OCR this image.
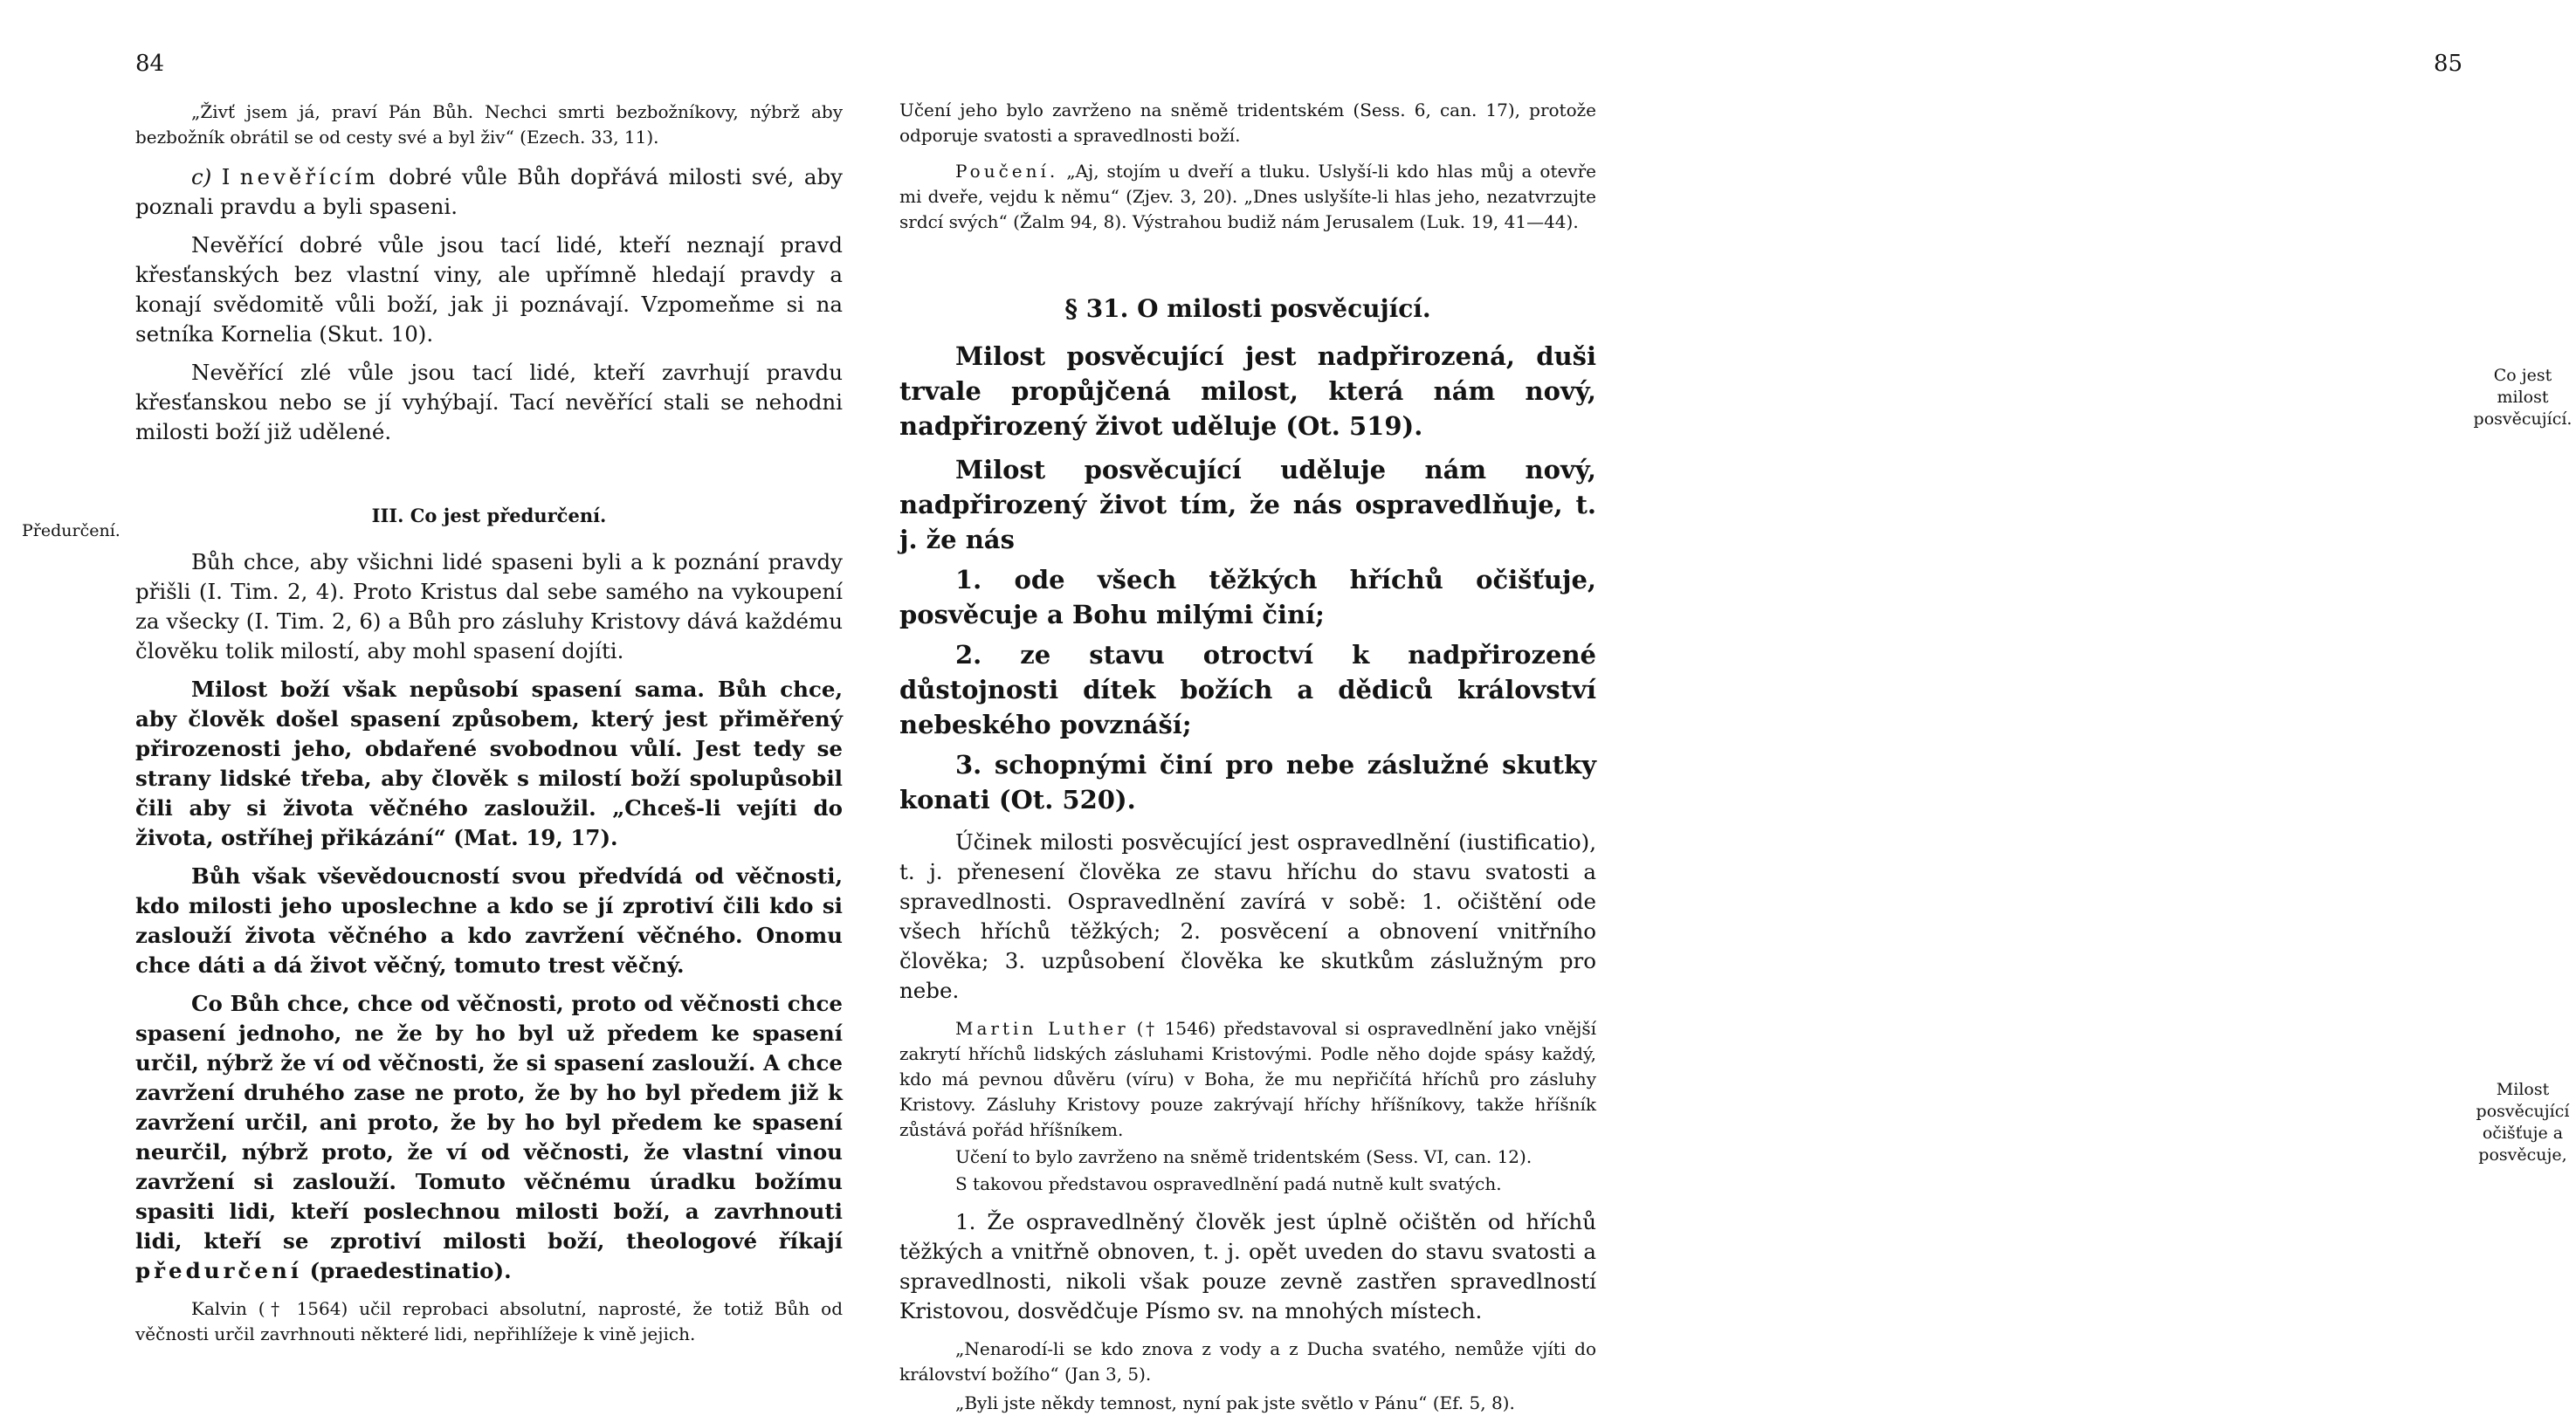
84
Předurčení.

„Živť jsem já, praví Pán Bůh. Nechci smrti bezbožníkovy, nýbrž aby bezbožník obrátil se od cesty své a byl živ“ (Ezech. 33, 11).

c) I nevěřícím dobré vůle Bůh dopřává milosti své, aby poznali pravdu a byli spaseni.

Nevěřící dobré vůle jsou tací lidé, kteří neznají pravd křesťanských bez vlastní viny, ale upřímně hledají pravdy a konají svědomitě vůli boží, jak ji poznávají. Vzpomeňme si na setníka Kornelia (Skut. 10).

Nevěřící zlé vůle jsou tací lidé, kteří zavrhují pravdu křesťanskou nebo se jí vyhýbají. Tací nevěřící stali se nehodni milosti boží již udělené.

III. Co jest předurčení.

Bůh chce, aby všichni lidé spaseni byli a k poznání pravdy přišli (I. Tim. 2, 4). Proto Kristus dal sebe samého na vykoupení za všecky (I. Tim. 2, 6) a Bůh pro zásluhy Kristovy dává každému člověku tolik milostí, aby mohl spasení dojíti.

Milost boží však nepůsobí spasení sama. Bůh chce, aby člověk došel spasení způsobem, který jest přiměřený přirozenosti jeho, obdařené svobodnou vůlí. Jest tedy se strany lidské třeba, aby člověk s milostí boží spolupůsobil čili aby si života věčného zasloužil. „Chceš-li vejíti do života, ostříhej přikázání“ (Mat. 19, 17).

Bůh však vševědoucností svou předvídá od věčnosti, kdo milosti jeho uposlechne a kdo se jí zprotiví čili kdo si zaslouží života věčného a kdo zavržení věčného. Onomu chce dáti a dá život věčný, tomuto trest věčný.

Co Bůh chce, chce od věčnosti, proto od věčnosti chce spasení jednoho, ne že by ho byl už předem ke spasení určil, nýbrž že ví od věčnosti, že si spasení zaslouží. A chce zavržení druhého zase ne proto, že by ho byl předem již k zavržení určil, ani proto, že by ho byl předem ke spasení neurčil, nýbrž proto, že ví od věčnosti, že vlastní vinou zavržení si zaslouží. Tomuto věčnému úradku božímu spasiti lidi, kteří poslechnou milosti boží, a zavrhnouti lidi, kteří se zprotiví milosti boží, theologové říkají předurčení (praedestinatio).

Kalvin († 1564) učil reprobaci absolutní, naprosté, že totiž Bůh od věčnosti určil zavrhnouti některé lidi, nepřihlížeje k vině jejich.

85
Co jest milost posvěcující.
Milost posvěcující očišťuje a posvěcuje,

Učení jeho bylo zavrženo na sněmě tridentském (Sess. 6, can. 17), protože odporuje svatosti a spravedlnosti boží.

Poučení. „Aj, stojím u dveří a tluku. Uslyší-li kdo hlas můj a otevře mi dveře, vejdu k němu“ (Zjev. 3, 20). „Dnes uslyšíte-li hlas jeho, nezatvrzujte srdcí svých“ (Žalm 94, 8). Výstrahou budiž nám Jerusalem (Luk. 19, 41—44).

§ 31. O milosti posvěcující.

Milost posvěcující jest nadpřirozená, duši trvale propůjčená milost, která nám nový, nadpřirozený život uděluje (Ot. 519).

Milost posvěcující uděluje nám nový, nadpřirozený život tím, že nás ospravedlňuje, t. j. že nás

1. ode všech těžkých hříchů očišťuje, posvěcuje a Bohu milými činí;

2. ze stavu otroctví k nadpřirozené důstojnosti dítek božích a dědiců království nebeského povznáší;

3. schopnými činí pro nebe záslužné skutky konati (Ot. 520).

Účinek milosti posvěcující jest ospravedlnění (iustificatio), t. j. přenesení člověka ze stavu hříchu do stavu svatosti a spravedlnosti. Ospravedlnění zavírá v sobě: 1. očištění ode všech hříchů těžkých; 2. posvěcení a obnovení vnitřního člověka; 3. uzpůsobení člověka ke skutkům záslužným pro nebe.

Martin Luther († 1546) představoval si ospravedlnění jako vnější zakrytí hříchů lidských zásluhami Kristovými. Podle něho dojde spásy každý, kdo má pevnou důvěru (víru) v Boha, že mu nepřičítá hříchů pro zásluhy Kristovy. Zásluhy Kristovy pouze zakrývají hříchy hříšníkovy, takže hříšník zůstává pořád hříšníkem.

Učení to bylo zavrženo na sněmě tridentském (Sess. VI, can. 12).

S takovou představou ospravedlnění padá nutně kult svatých.

1. Že ospravedlněný člověk jest úplně očištěn od hříchů těžkých a vnitřně obnoven, t. j. opět uveden do stavu svatosti a spravedlnosti, nikoli však pouze zevně zastřen spravedlností Kristovou, dosvědčuje Písmo sv. na mnohých místech.

„Nenarodí-li se kdo znova z vody a z Ducha svatého, nemůže vjíti do království božího“ (Jan 3, 5).

„Byli jste někdy temnost, nyní pak jste světlo v Pánu“ (Ef. 5, 8).
